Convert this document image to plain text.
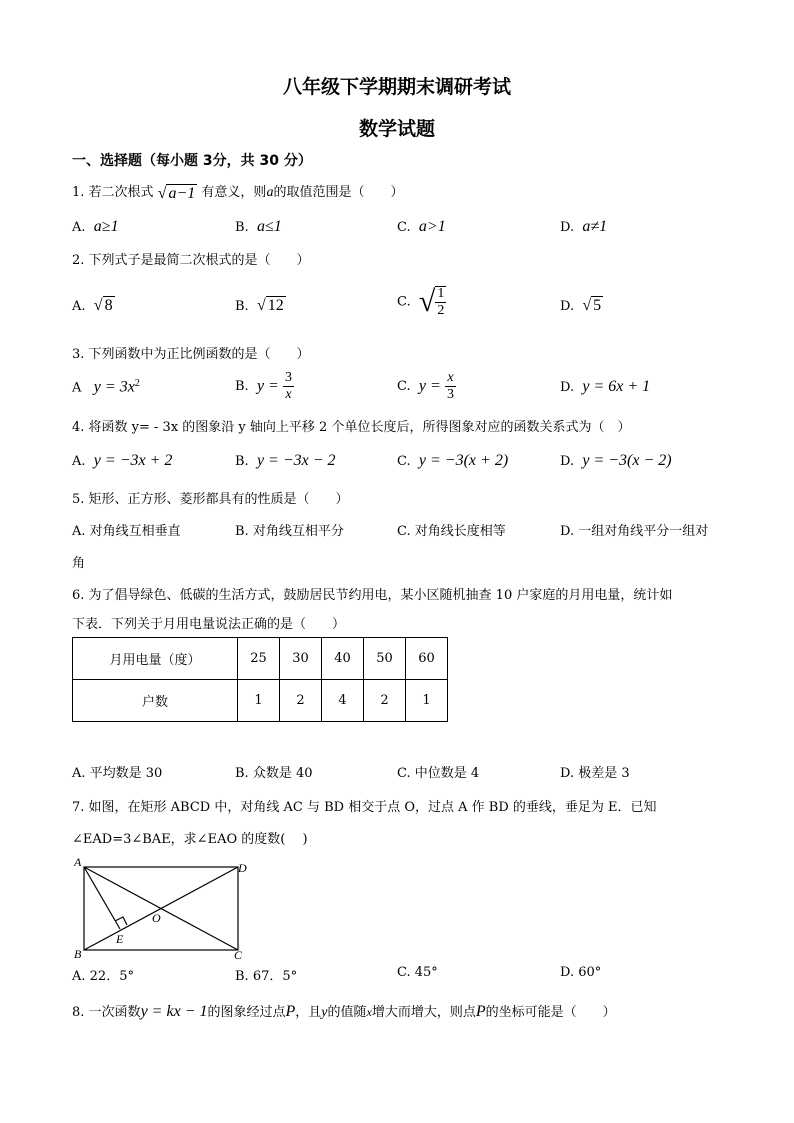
八年级下学期期末调研考试
数学试题
一、选择题（每小题 3分，共 30 分）
1. 若二次根式 √ a−1 有意义，则a的取值范围是（　　）
A. a≥1	B. a≤1	C. a>1	D. a≠1
2. 下列式子是最简二次根式的是（　　）
A. √ 8	B. √ 12	C. √ $\frac{1}{2}$	D. √ 5
3. 下列函数中为正比例函数的是（　　）
A $y = 3x^2$	B. $y = \frac{3}{x}$	C. $y = \frac{x}{3}$	D. y = 6x + 1
4. 将函数 y= - 3x 的图象沿 y 轴向上平移 2 个单位长度后，所得图象对应的函数关系式为（　）
A. y = −3x + 2	B. y = −3x − 2	C. y = −3(x + 2)	D. y = −3(x − 2)
5. 矩形、正方形、菱形都具有的性质是（　　）
A. 对角线互相垂直	B. 对角线互相平分	C. 对角线长度相等	D. 一组对角线平分一组对
角
6. 为了倡导绿色、低碳的生活方式，鼓励居民节约用电，某小区随机抽查 10 户家庭的月用电量，统计如
下表．下列关于月用电量说法正确的是（　　）
月用电量（度）	25	30	40	50	60
户数	1	2	4	2	1
A. 平均数是 30	B. 众数是 40	C. 中位数是 4	D. 极差是 3
7. 如图，在矩形 ABCD 中，对角线 AC 与 BD 相交于点 O，过点 A 作 BD 的垂线，垂足为 E．已知
∠EAD=3∠BAE，求∠EAO 的度数(　 )
A
B	C
D
E
O
A. 22．5°	B. 67．5°	C. 45°	D. 60°
8. 一次函数y = kx − 1的图象经过点P，且y的值随x增大而增大，则点P的坐标可能是（　　）
